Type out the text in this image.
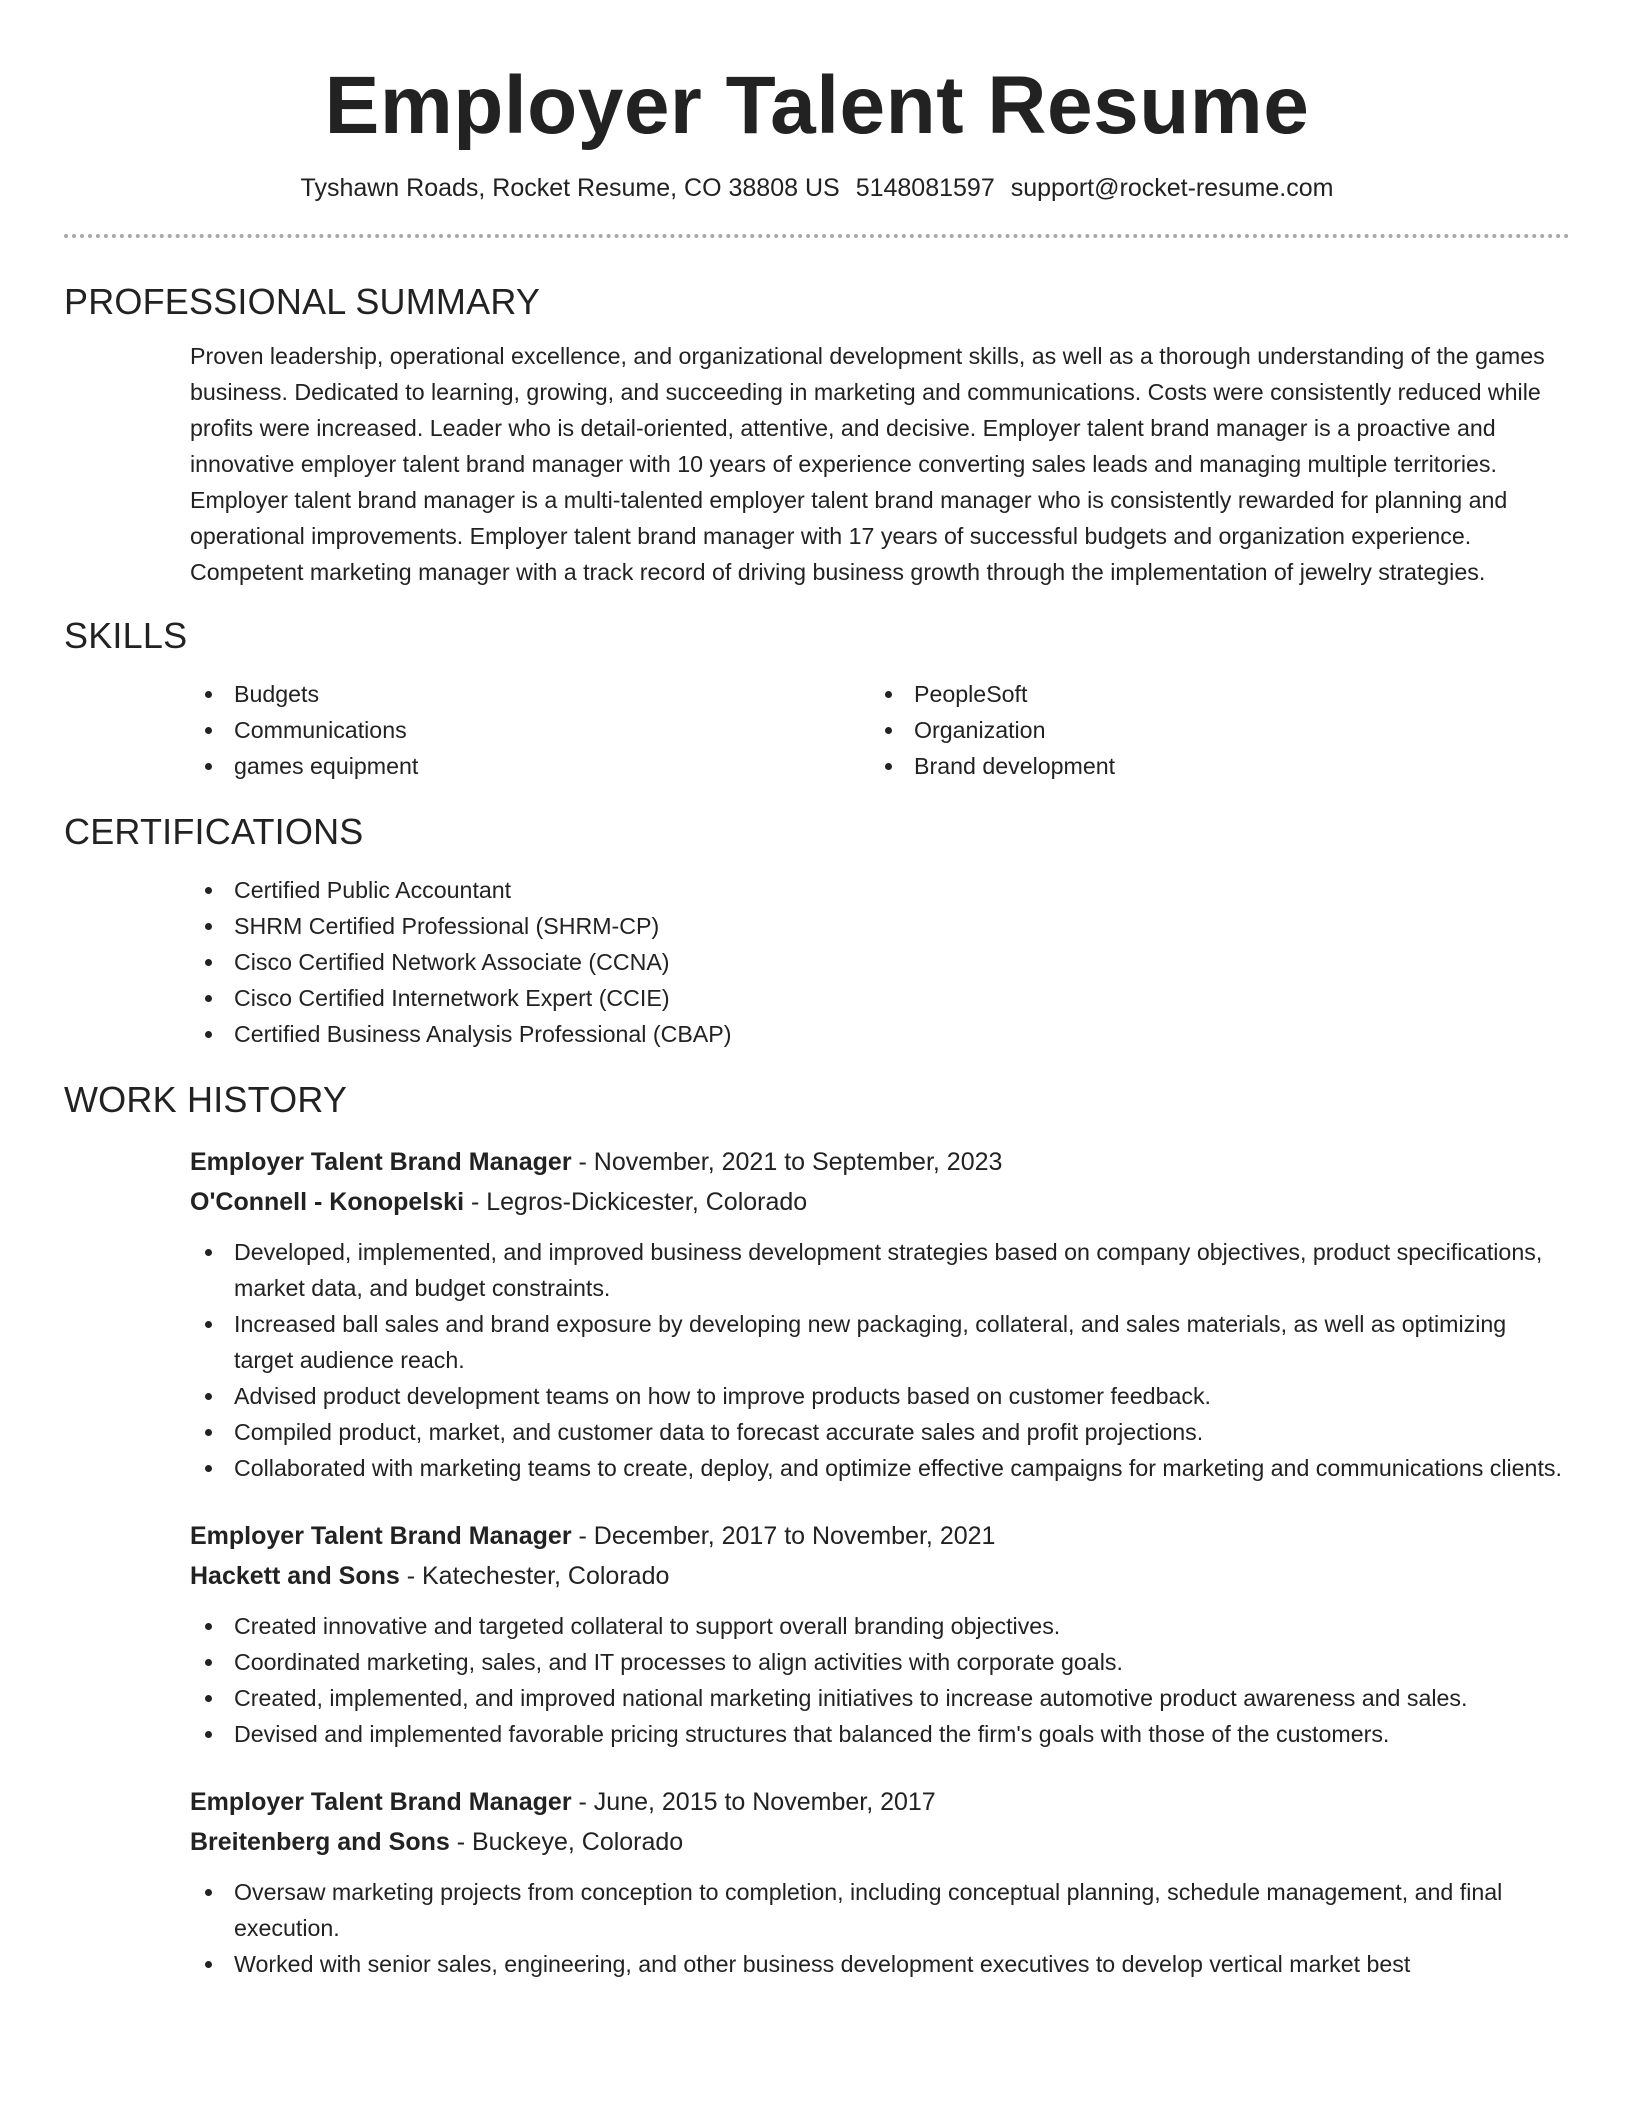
Employer Talent Resume
Tyshawn Roads, Rocket Resume, CO 38808 US 5148081597 support@rocket-resume.com
PROFESSIONAL SUMMARY

Proven leadership, operational excellence, and organizational development skills, as well as a thorough understanding of the games business. Dedicated to learning, growing, and succeeding in marketing and communications. Costs were consistently reduced while profits were increased. Leader who is detail-oriented, attentive, and decisive. Employer talent brand manager is a proactive and innovative employer talent brand manager with 10 years of experience converting sales leads and managing multiple territories. Employer talent brand manager is a multi-talented employer talent brand manager who is consistently rewarded for planning and operational improvements. Employer talent brand manager with 17 years of successful budgets and organization experience. Competent marketing manager with a track record of driving business growth through the implementation of jewelry strategies.

SKILLS
Budgets
Communications
games equipment
PeopleSoft
Organization
Brand development
CERTIFICATIONS
Certified Public Accountant
SHRM Certified Professional (SHRM-CP)
Cisco Certified Network Associate (CCNA)
Cisco Certified Internetwork Expert (CCIE)
Certified Business Analysis Professional (CBAP)
WORK HISTORY
Employer Talent Brand Manager - November, 2021 to September, 2023
O'Connell - Konopelski - Legros-Dickicester, Colorado
Developed, implemented, and improved business development strategies based on company objectives, product specifications, market data, and budget constraints.
Increased ball sales and brand exposure by developing new packaging, collateral, and sales materials, as well as optimizing target audience reach.
Advised product development teams on how to improve products based on customer feedback.
Compiled product, market, and customer data to forecast accurate sales and profit projections.
Collaborated with marketing teams to create, deploy, and optimize effective campaigns for marketing and communications clients.
Employer Talent Brand Manager - December, 2017 to November, 2021
Hackett and Sons - Katechester, Colorado
Created innovative and targeted collateral to support overall branding objectives.
Coordinated marketing, sales, and IT processes to align activities with corporate goals.
Created, implemented, and improved national marketing initiatives to increase automotive product awareness and sales.
Devised and implemented favorable pricing structures that balanced the firm's goals with those of the customers.
Employer Talent Brand Manager - June, 2015 to November, 2017
Breitenberg and Sons - Buckeye, Colorado
Oversaw marketing projects from conception to completion, including conceptual planning, schedule management, and final execution.
Worked with senior sales, engineering, and other business development executives to develop vertical market best
